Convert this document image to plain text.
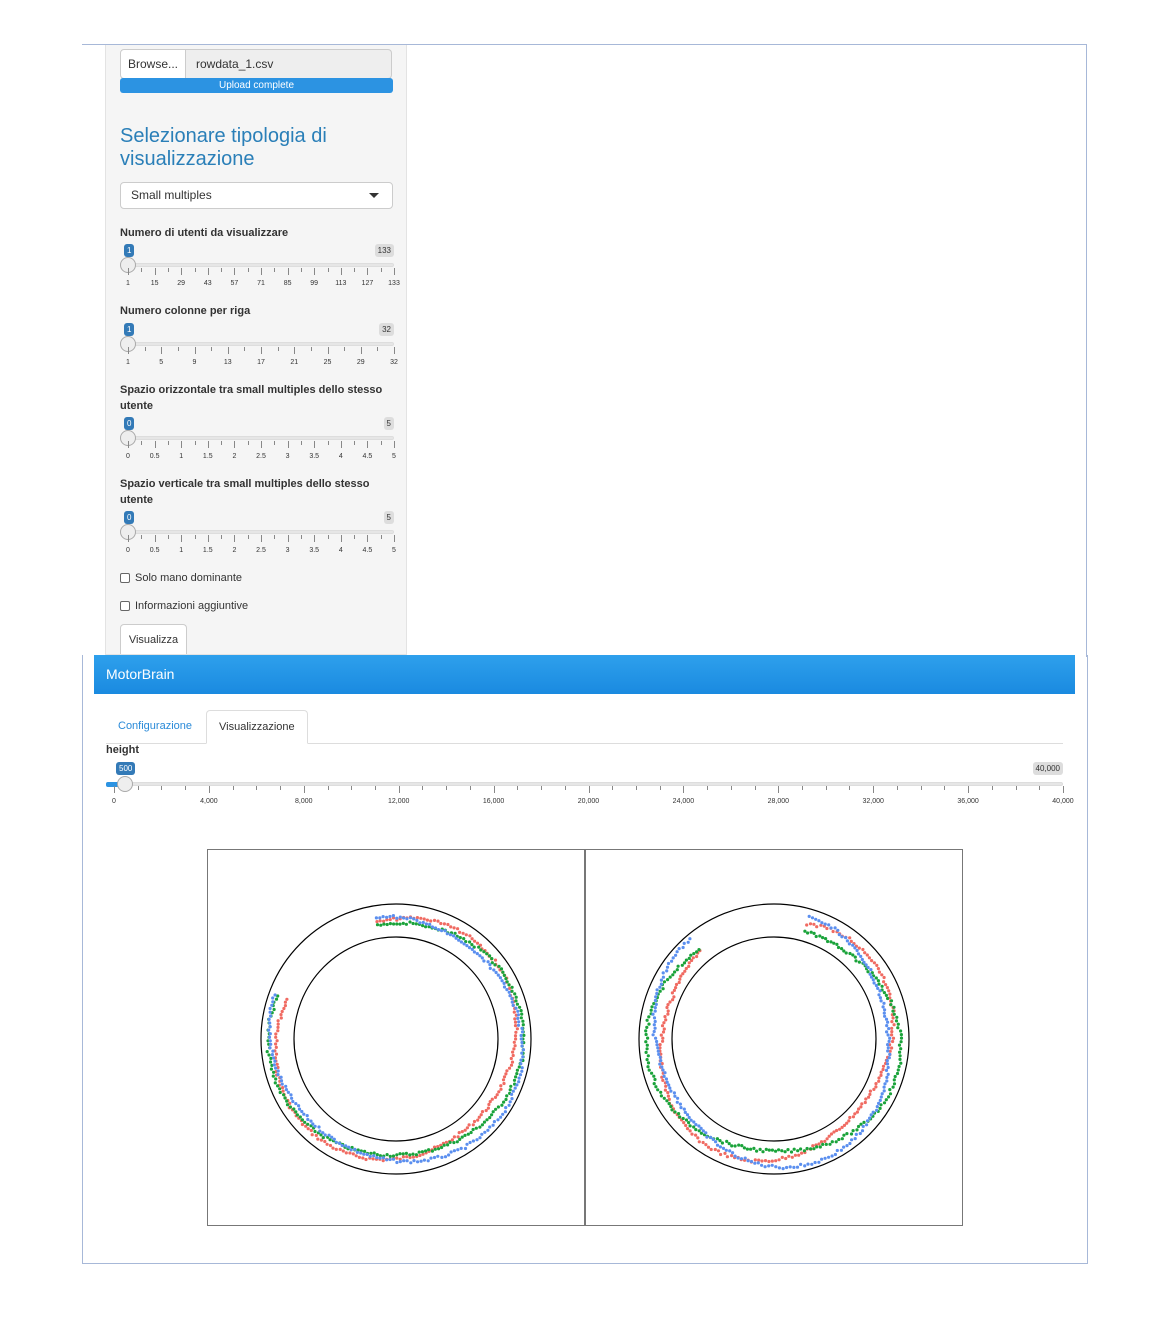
Browse...	rowdata_1.csv
Upload complete
Selezionare tipologia di visualizzazione
Small multiples
Numero di utenti da visualizzare
1	133
1	15	29	43	57	71	85	99 113 127 133
Numero colonne per riga
1	32
1	5	9	13	17	21	25	29	32
Spazio orizzontale tra small multiples dello stesso utente
0	5
0	0.5	1	1.5	2	2.5	3	3.5	4	4.5	5
Spazio verticale tra small multiples dello stesso utente
0	5
0	0.5	1	1.5	2	2.5	3	3.5	4	4.5	5
Solo mano dominante
Informazioni aggiuntive
Visualizza
MotorBrain
Configurazione	Visualizzazione
height
500	40,000
0	4,000	8,000	12,000	16,000	20,000	24,000	28,000	32,000	36,000	40,000
